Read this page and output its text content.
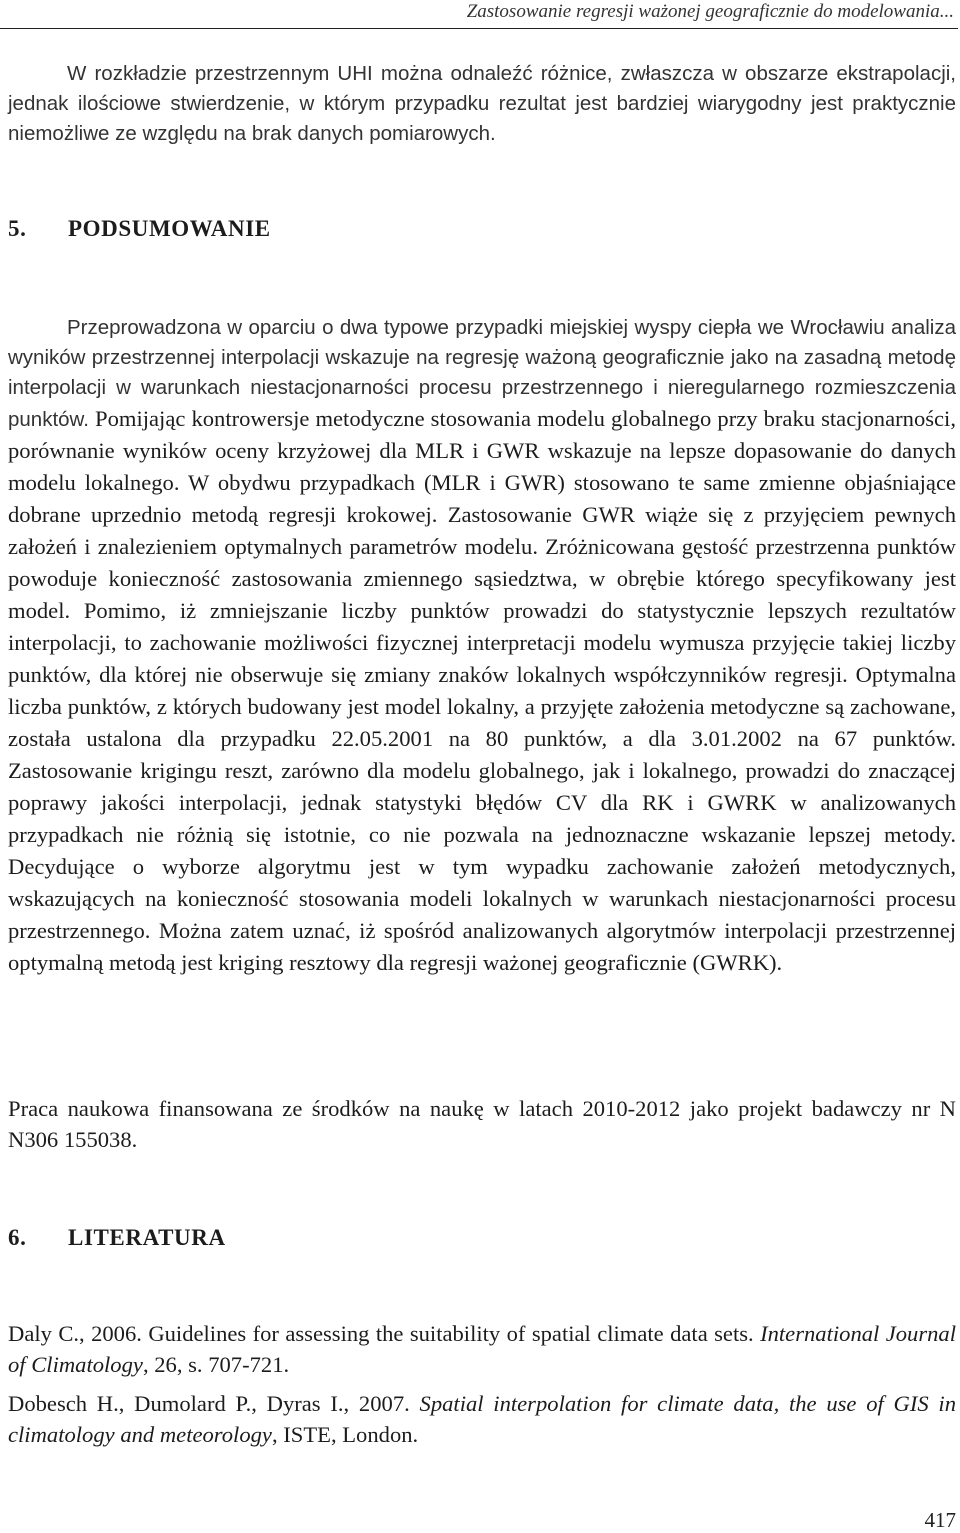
Zastosowanie regresji ważonej geograficznie do modelowania...

W rozkładzie przestrzennym UHI można odnaleźć różnice, zwłaszcza w obszarze ekstrapolacji, jednak ilościowe stwierdzenie, w którym przypadku rezultat jest bardziej wiarygodny jest praktycznie niemożliwe ze względu na brak danych pomiarowych.

5. PODSUMOWANIE

Przeprowadzona w oparciu o dwa typowe przypadki miejskiej wyspy ciepła we Wrocławiu analiza wyników przestrzennej interpolacji wskazuje na regresję ważoną geograficznie jako na zasadną metodę interpolacji w warunkach niestacjonarności procesu przestrzennego i nieregularnego rozmieszczenia punktów. Pomijając kontrowersje metodyczne stosowania modelu globalnego przy braku stacjonarności, porównanie wyników oceny krzyżowej dla MLR i GWR wskazuje na lepsze dopasowanie do danych modelu lokalnego. W obydwu przypadkach (MLR i GWR) stosowano te same zmienne objaśniające dobrane uprzednio metodą regresji krokowej. Zastosowanie GWR wiąże się z przyjęciem pewnych założeń i znalezieniem optymalnych parametrów modelu. Zróżnicowana gęstość przestrzenna punktów powoduje konieczność zastosowania zmiennego sąsiedztwa, w obrębie którego specyfikowany jest model. Pomimo, iż zmniejszanie liczby punktów prowadzi do statystycznie lepszych rezultatów interpolacji, to zachowanie możliwości fizycznej interpretacji modelu wymusza przyjęcie takiej liczby punktów, dla której nie obserwuje się zmiany znaków lokalnych współczynników regresji. Optymalna liczba punktów, z których budowany jest model lokalny, a przyjęte założenia metodyczne są zachowane, została ustalona dla przypadku 22.05.2001 na 80 punktów, a dla 3.01.2002 na 67 punktów. Zastosowanie krigingu reszt, zarówno dla modelu globalnego, jak i lokalnego, prowadzi do znaczącej poprawy jakości interpolacji, jednak statystyki błędów CV dla RK i GWRK w analizowanych przypadkach nie różnią się istotnie, co nie pozwala na jednoznaczne wskazanie lepszej metody. Decydujące o wyborze algorytmu jest w tym wypadku zachowanie założeń metodycznych, wskazujących na konieczność stosowania modeli lokalnych w warunkach niestacjonarności procesu przestrzennego. Można zatem uznać, iż spośród analizowanych algorytmów interpolacji przestrzennej optymalną metodą jest kriging resztowy dla regresji ważonej geograficznie (GWRK).

Praca naukowa finansowana ze środków na naukę w latach 2010-2012 jako projekt badawczy nr N N306 155038.

6. LITERATURA

Daly C., 2006. Guidelines for assessing the suitability of spatial climate data sets. International Journal of Climatology, 26, s. 707-721.

Dobesch H., Dumolard P., Dyras I., 2007. Spatial interpolation for climate data, the use of GIS in climatology and meteorology, ISTE, London.

417
